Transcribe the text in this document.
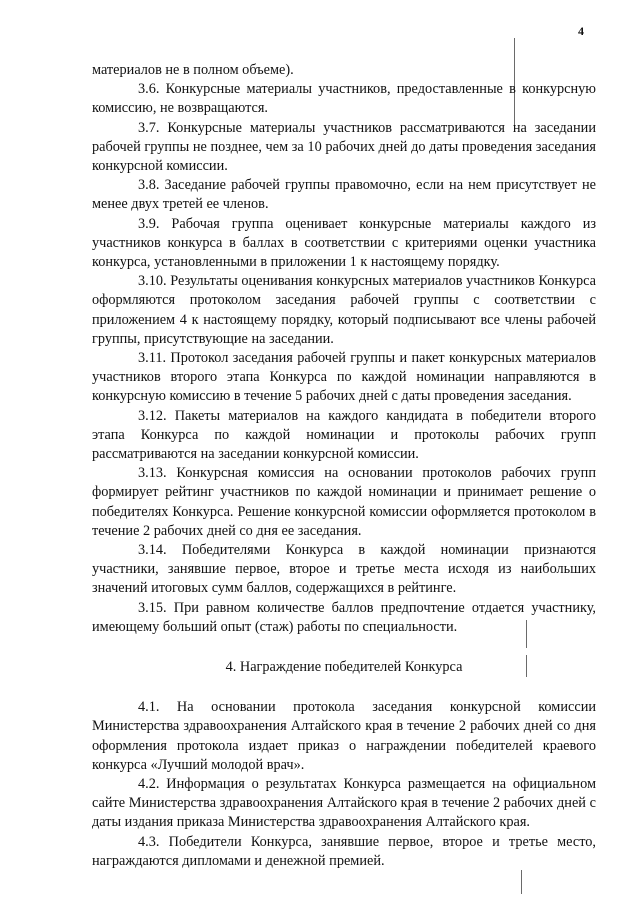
4

материалов не в полном объеме).

3.6. Конкурсные материалы участников, предоставленные в конкурсную комиссию, не возвращаются.

3.7. Конкурсные материалы участников рассматриваются на заседании рабочей группы не позднее, чем за 10 рабочих дней до даты проведения заседания конкурсной комиссии.

3.8. Заседание рабочей группы правомочно, если на нем присутствует не менее двух третей ее членов.

3.9. Рабочая группа оценивает конкурсные материалы каждого из участников конкурса в баллах в соответствии с критериями оценки участника конкурса, установленными в приложении 1 к настоящему порядку.

3.10. Результаты оценивания конкурсных материалов участников Конкурса оформляются протоколом заседания рабочей группы с соответствии с приложением 4 к настоящему порядку, который подписывают все члены рабочей группы, присутствующие на заседании.

3.11. Протокол заседания рабочей группы и пакет конкурсных материалов участников второго этапа Конкурса по каждой номинации направляются в конкурсную комиссию в течение 5 рабочих дней с даты проведения заседания.

3.12. Пакеты материалов на каждого кандидата в победители второго этапа Конкурса по каждой номинации и протоколы рабочих групп рассматриваются на заседании конкурсной комиссии.

3.13. Конкурсная комиссия на основании протоколов рабочих групп формирует рейтинг участников по каждой номинации и принимает решение о победителях Конкурса. Решение конкурсной комиссии оформляется протоколом в течение 2 рабочих дней со дня ее заседания.

3.14. Победителями Конкурса в каждой номинации признаются участники, занявшие первое, второе и третье места исходя из наибольших значений итоговых сумм баллов, содержащихся в рейтинге.

3.15. При равном количестве баллов предпочтение отдается участнику, имеющему больший опыт (стаж) работы по специальности.

4. Награждение победителей Конкурса

4.1. На основании протокола заседания конкурсной комиссии Министерства здравоохранения Алтайского края в течение 2 рабочих дней со дня оформления протокола издает приказ о награждении победителей краевого конкурса «Лучший молодой врач».

4.2. Информация о результатах Конкурса размещается на официальном сайте Министерства здравоохранения Алтайского края в течение 2 рабочих дней с даты издания приказа Министерства здравоохранения Алтайского края.

4.3. Победители Конкурса, занявшие первое, второе и третье место, награждаются дипломами и денежной премией.
